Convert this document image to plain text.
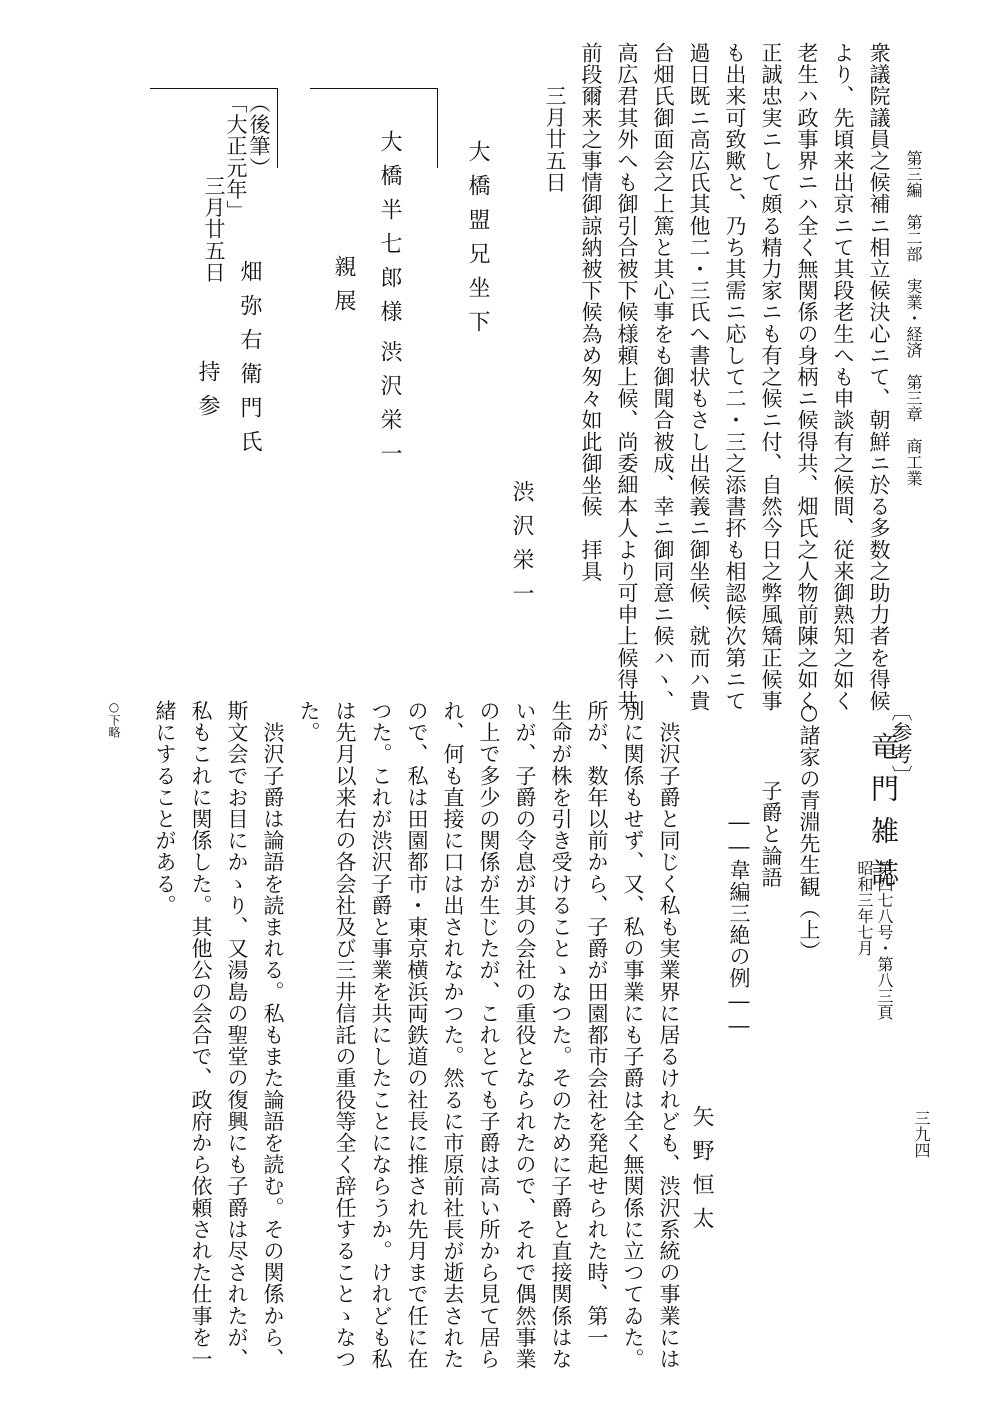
第三編　第二部　実業・経済　第三章　商工業
三九四
衆議院議員之候補ニ相立候決心ニて、朝鮮ニ於る多数之助力者を得候
より、先頃来出京ニて其段老生へも申談有之候間、従来御熟知之如く
老生ハ政事界ニハ全く無関係の身柄ニ候得共、畑氏之人物前陳之如く
正誠忠実ニして頗る精力家ニも有之候ニ付、自然今日之弊風矯正候事
も出来可致歟と、乃ち其需ニ応して二・三之添書抔も相認候次第ニて
過日既ニ高広氏其他二・三氏へ書状もさし出候義ニ御坐候、就而ハ貴
台畑氏御面会之上篤と其心事をも御聞合被成、幸ニ御同意ニ候ハヽ、
高広君其外へも御引合被下候様頼上候、尚委細本人より可申上候得共
前段爾来之事情御諒納被下候為め匆々如此御坐候　拝具
三月廿五日
渋沢栄一
大橋盟兄坐下
大橋半七郎様
渋沢栄一
親展
（後筆）
「大正元年」
畑弥右衛門氏
三月廿五日
持参
〔参考〕
竜門雑誌
第四七八号・第八三頁
昭和三年七月
○諸家の青淵先生観（上）
子爵と論語
――韋編三絶の例――
矢野恒太
　渋沢子爵と同じく私も実業界に居るけれども、渋沢系統の事業には
別に関係もせず、又、私の事業にも子爵は全く無関係に立つてゐた。
所が、数年以前から、子爵が田園都市会社を発起せられた時、第一
生命が株を引き受けることゝなつた。そのために子爵と直接関係はな
いが、子爵の令息が其の会社の重役となられたので、それで偶然事業
の上で多少の関係が生じたが、これとても子爵は高い所から見て居ら
れ、何も直接に口は出されなかつた。然るに市原前社長が逝去された
ので、私は田園都市・東京横浜両鉄道の社長に推され先月まで任に在
つた。これが渋沢子爵と事業を共にしたことにならうか。けれども私
は先月以来右の各会社及び三井信託の重役等全く辞任することゝなつ
た。
　渋沢子爵は論語を読まれる。私もまた論語を読む。その関係から、
斯文会でお目にかゝり、又湯島の聖堂の復興にも子爵は尽されたが、
私もこれに関係した。其他公の会合で、政府から依頼された仕事を一
緒にすることがある。
○下略
